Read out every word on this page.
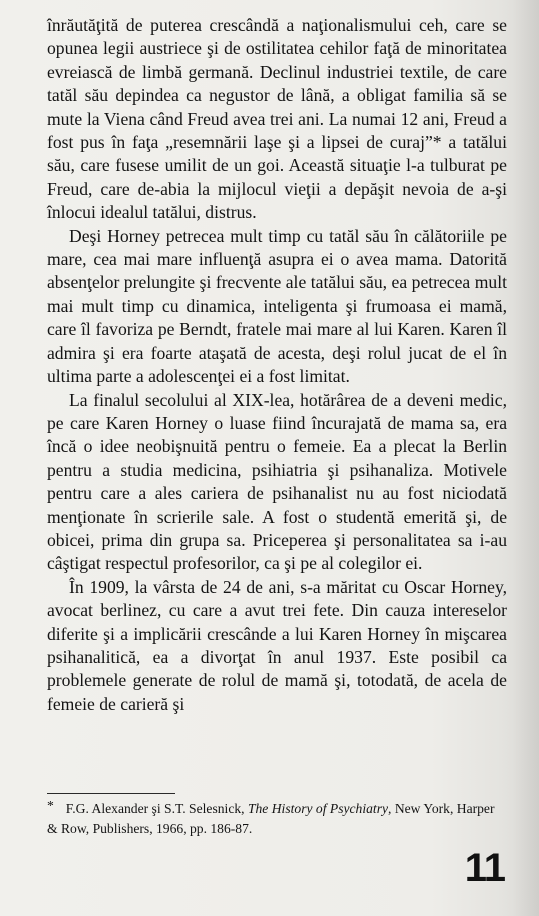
înrăutăţită de puterea crescândă a naţionalismului ceh, care se opunea legii austriece şi de ostilitatea cehilor faţă de minoritatea evreiască de limbă germană. Declinul industriei textile, de care tatăl său depindea ca negustor de lână, a obligat familia să se mute la Viena când Freud avea trei ani. La numai 12 ani, Freud a fost pus în faţa „resemnării laşe şi a lipsei de curaj”* a tatălui său, care fusese umilit de un goi. Această situaţie l-a tulburat pe Freud, care de-abia la mijlocul vieţii a depăşit nevoia de a-şi înlocui idealul tatălui, distrus.

Deşi Horney petrecea mult timp cu tatăl său în călătoriile pe mare, cea mai mare influenţă asupra ei o avea mama. Datorită absenţelor prelungite şi frecvente ale tatălui său, ea petrecea mult mai mult timp cu dinamica, inteligenta şi frumoasa ei mamă, care îl favoriza pe Berndt, fratele mai mare al lui Karen. Karen îl admira şi era foarte ataşată de acesta, deşi rolul jucat de el în ultima parte a adolescenţei ei a fost limitat.

La finalul secolului al XIX-lea, hotărârea de a deveni medic, pe care Karen Horney o luase fiind încurajată de mama sa, era încă o idee neobişnuită pentru o femeie. Ea a plecat la Berlin pentru a studia medicina, psihiatria şi psihanaliza. Motivele pentru care a ales cariera de psihanalist nu au fost niciodată menţionate în scrierile sale. A fost o studentă emerită şi, de obicei, prima din grupa sa. Priceperea şi personalitatea sa i-au câştigat respectul profesorilor, ca şi pe al colegilor ei.

În 1909, la vârsta de 24 de ani, s-a măritat cu Oscar Horney, avocat berlinez, cu care a avut trei fete. Din cauza intereselor diferite şi a implicării crescânde a lui Karen Horney în mişcarea psihanalitică, ea a divorţat în anul 1937. Este posibil ca problemele generate de rolul de mamă şi, totodată, de acela de femeie de carieră şi

* F.G. Alexander şi S.T. Selesnick, The History of Psychiatry, New York, Harper & Row, Publishers, 1966, pp. 186-87.

11
